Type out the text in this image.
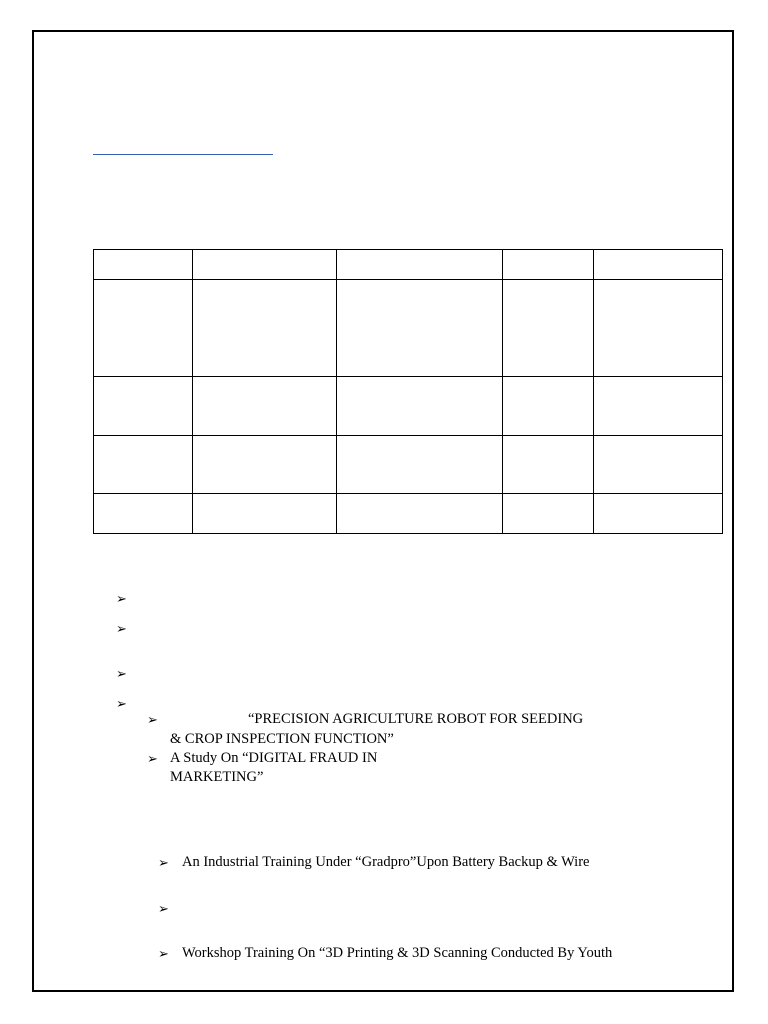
➢
➢
➢
➢
➢	“PRECISION AGRICULTURE ROBOT FOR SEEDING
& CROP INSPECTION FUNCTION”
➢ A Study On “DIGITAL FRAUD IN
MARKETING”
➢ An Industrial Training Under “Gradpro”Upon Battery Backup & Wire
➢
➢ Workshop Training On “3D Printing & 3D Scanning Conducted By Youth
